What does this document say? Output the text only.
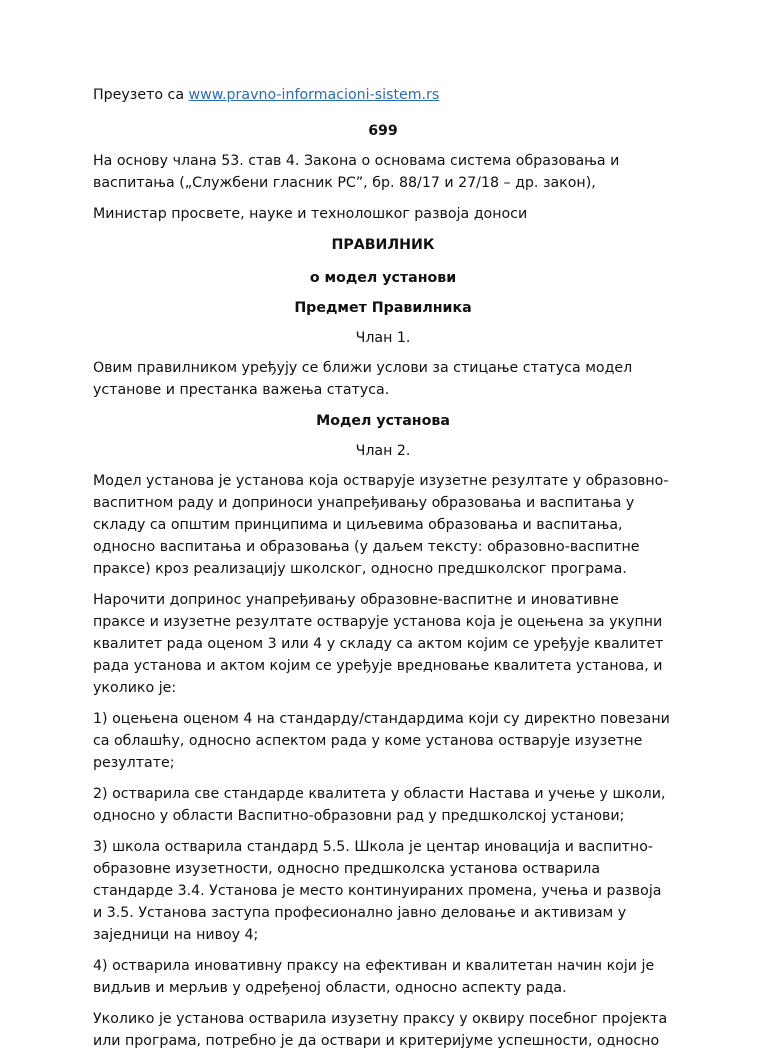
Преузето са www.pravno-informacioni-sistem.rs

699

На основу члана 53. став 4. Закона о основама система образовања и васпитања („Службени гласник РС”, бр. 88/17 и 27/18 – др. закон),

Министар просвете, науке и технолошког развоја доноси

ПРАВИЛНИК

о модел установи

Предмет Правилника

Члан 1.

Овим правилником уређују се ближи услови за стицање статуса модел установе и престанка важења статуса.

Модел установа

Члан 2.

Модел установа је установа која остварује изузетне резултате у образовно-васпитном раду и доприноси унапређивању образовања и васпитања у складу са општим принципима и циљевима образовања и васпитања, односно васпитања и образовања (у даљем тексту: образовно-васпитне праксе) кроз реализацију школског, односно предшколског програма.

Нарочити допринос унапређивању образовне-васпитне и иновативне праксе и изузетне резултате остварује установа која је оцењена за укупни квалитет рада оценом 3 или 4 у складу са актом којим се уређује квалитет рада установа и актом којим се уређује вредновање квалитета установа, и уколико је:

1) оцењена оценом 4 на стандарду/стандардима који су директно повезани са облашћу, односно аспектом рада у коме установа остварује изузетне резултате;

2) остварила све стандарде квалитета у области Настава и учење у школи, односно у области Васпитно-образовни рад у предшколској установи;

3) школа остварила стандард 5.5. Школа је центар иновација и васпитно-образовне изузетности, односно предшколска установа остварила стандарде 3.4. Установа је место континуираних промена, учења и развоја и 3.5. Установа заступа професионално јавно деловање и активизам у заједници на нивоу 4;

4) остварила иновативну праксу на ефективан и квалитетан начин који је видљив и мерљив у одређеној области, односно аспекту рада.

Уколико је установа остварила изузетну праксу у оквиру посебног пројекта или програма, потребно је да оствари и критеријуме успешности, односно
